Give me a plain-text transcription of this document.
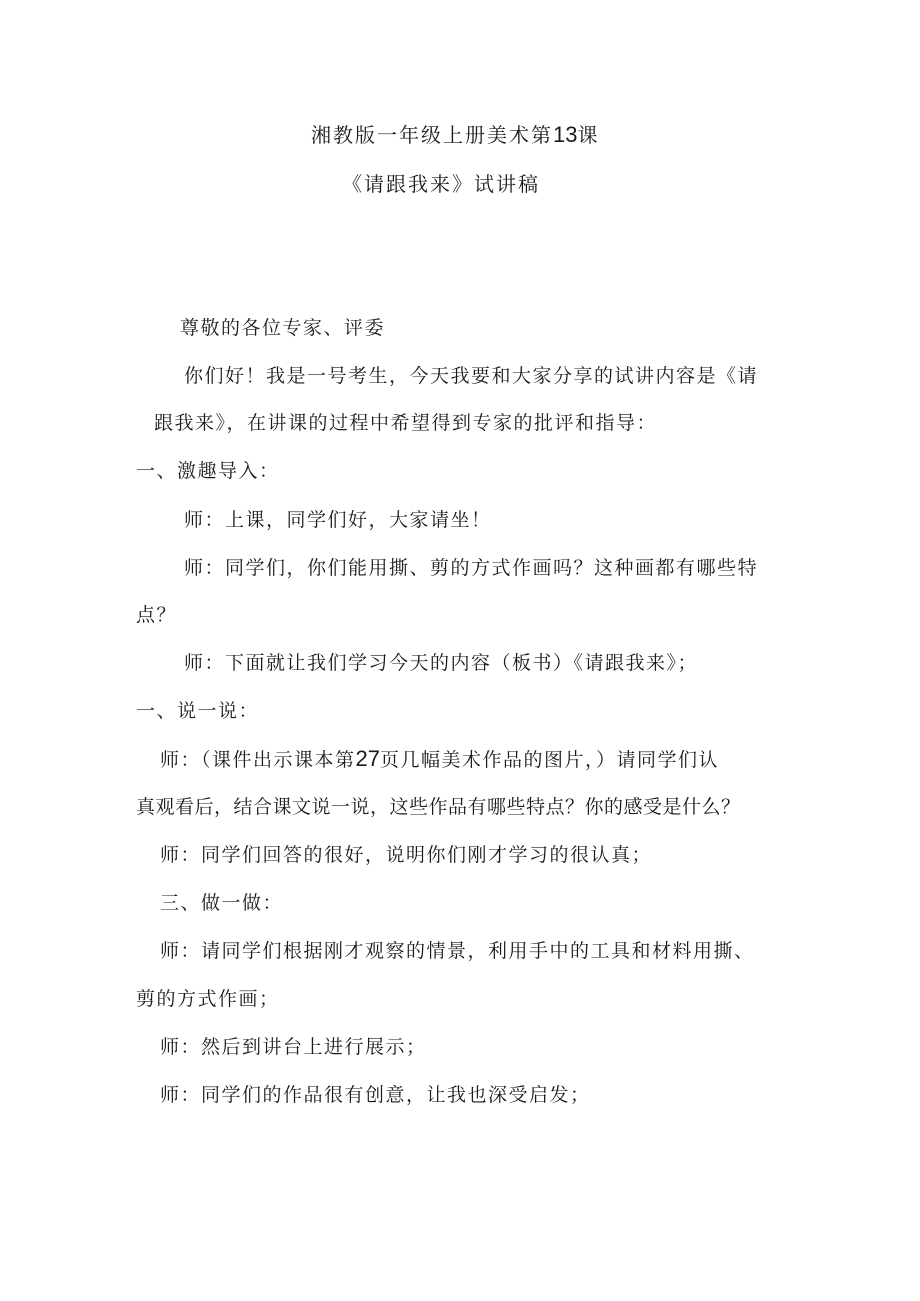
湘教版一年级上册美术第13课
《请跟我来》试讲稿
尊敬的各位专家、评委
你们好！我是一号考生，今天我要和大家分享的试讲内容是《请
跟我来》，在讲课的过程中希望得到专家的批评和指导：
一、激趣导入：
师：上课，同学们好，大家请坐！
师：同学们，你们能用撕、剪的方式作画吗？这种画都有哪些特
点？
师：下面就让我们学习今天的内容（板书）《请跟我来》；
一、说一说：
师：（课件出示课本第27页几幅美术作品的图片，）请同学们认
真观看后，结合课文说一说，这些作品有哪些特点？你的感受是什么？
师：同学们回答的很好，说明你们刚才学习的很认真；
三、做一做：
师：请同学们根据刚才观察的情景，利用手中的工具和材料用撕、
剪的方式作画；
师：然后到讲台上进行展示；
师：同学们的作品很有创意，让我也深受启发；
